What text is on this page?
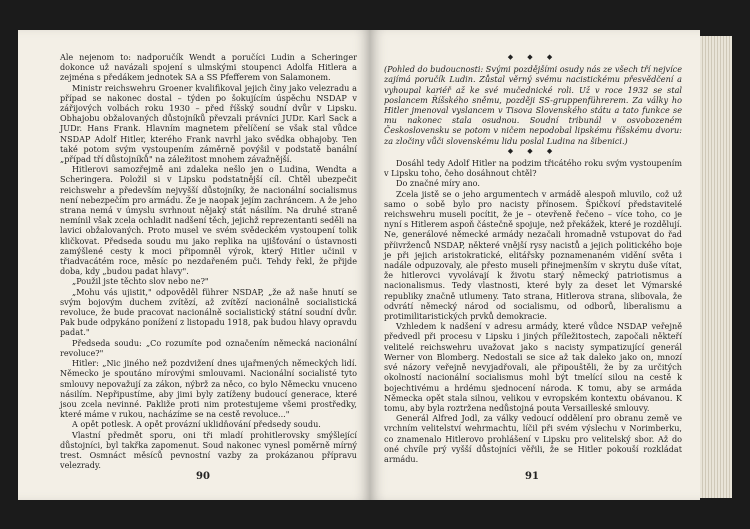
Ale nejenom to: nadporučík Wendt a poručíci Ludin a Scheringer dokonce už navázali spojení s ulmskými stoupenci Adolfa Hitlera a zejména s předákem jednotek SA a SS Pfefferem von Salamonem.

Ministr reichswehru Groener kvalifikoval jejich činy jako velezradu a případ se nakonec dostal – týden po šokujícím úspěchu NSDAP v zářijových volbách roku 1930 – před říšský soudní dvůr v Lipsku. Obhajobu obžalovaných důstojníků převzali právníci JUDr. Karl Sack a JUDr. Hans Frank. Hlavním magnetem přelíčení se však stal vůdce NSDAP Adolf Hitler, kterého Frank navrhl jako svědka obhajoby. Ten také potom svým vystoupením záměrně povýšil v podstatě banální „případ tří důstojníků" na záležitost mnohem závažnější.

Hitlerovi samozřejmě ani zdaleka nešlo jen o Ludina, Wendta a Scheringera. Položil si v Lipsku podstatnější cíl. Chtěl ubezpečit reichswehr a především nejvyšší důstojníky, že nacionální socialismus není nebezpečím pro armádu. Že je naopak jejím zachráncem. A že jeho strana nemá v úmyslu svrhnout nějaký stát násilím. Na druhé straně nemínil však zcela ochladit nadšení těch, jejichž reprezentanti seděli na lavici obžalovaných. Proto musel ve svém svědeckém vystoupení tolik kličkovat. Předseda soudu mu jako replika na ujišťování o ústavnosti zamýšlené cesty k moci připomněl výrok, který Hitler učinil v třiadvacátém roce, měsíc po nezdařeném puči. Tehdy řekl, že přijde doba, kdy „budou padat hlavy".

„Použil jste těchto slov nebo ne?"

„Mohu vás ujistit," odpověděl führer NSDAP, „že až naše hnutí se svým bojovým duchem zvítězí, až zvítězí nacionálně socialistická revoluce, že bude pracovat nacionálně socialistický státní soudní dvůr. Pak bude odpykáno ponížení z listopadu 1918, pak budou hlavy opravdu padat."

Předseda soudu: „Co rozumíte pod označením německá nacionální revoluce?"

Hitler: „Nic jiného než pozdvižení dnes ujařmených německých lidí. Německo je spoutáno mírovými smlouvami. Nacionální socialisté tyto smlouvy nepovažují za zákon, nýbrž za něco, co bylo Německu vnuceno násilím. Nepřipustíme, aby jimi byly zatíženy budoucí generace, které jsou zcela nevinné. Pakliže proti nim protestujeme všemi prostředky, které máme v rukou, nacházíme se na cestě revoluce..."

A opět potlesk. A opět provázní uklidňování předsedy soudu.

Vlastní předmět sporu, oni tři mladí prohitlerovsky smýšlející důstojníci, byl takřka zapomenut. Soud nakonec vynesl poměrně mírný trest. Osmnáct měsíců pevnostní vazby za prokázanou přípravu velezrady.

90
◆ ◆ ◆

(Pohled do budoucnosti: Svými pozdějšími osudy nás ze všech tří nejvíce zajímá poručík Ludin. Zůstal věrný svému nacistickému přesvědčení a vyhoupal kariéř až ke své mučednické roli. Už v roce 1932 se stal poslancem Říšského sněmu, později SS-gruppenführerem. Za války ho Hitler jmenoval vyslancem v Tisova Slovenského státu a tato funkce se mu nakonec stala osudnou. Soudní tribunál v osvobozeném Československu se potom v ničem nepodobal lipskému říšskému dvoru: za zločiny vůči slovenskému lidu poslal Ludina na šibenici.)

◆ ◆ ◆

Dosáhl tedy Adolf Hitler na podzim třicátého roku svým vystoupením v Lipsku toho, čeho dosáhnout chtěl?

Do značné míry ano.

Zcela jistě se o jeho argumentech v armádě alespoň mluvilo, což už samo o sobě bylo pro nacisty přínosem. Špičkoví představitelé reichswehru museli pocítit, že je – otevřeně řečeno – více toho, co je nyní s Hitlerem aspoň částečně spojuje, než překážek, které je rozdělují. Ne, generálové německé armády nezačali hromadně vstupovat do řad příivrženců NSDAP, některé vnější rysy nacistů a jejich politického boje je při jejich aristokratické, elitářsky poznamenaném vidění světa i nadále odpuzovaly, ale přesto museli přinejmenším v skrytu duše vítat, že hitlerovci vyvolávají k životu starý německý patriotismus a nacionalismus. Tedy vlastnosti, které byly za deset let Výmarské republiky značně utlumeny. Tato strana, Hitlerova strana, slibovala, že odvrátí německý národ od socialismu, od odborů, liberalismu a protimilitaristických prvků demokracie.

Vzhledem k nadšení v adresu armády, které vůdce NSDAP veřejně předvedl při procesu v Lipsku i jiných příležitostech, započali někteří velitelé reichswehru uvažovat jako s nacisty sympatizující generál Werner von Blomberg. Nedostali se sice až tak daleko jako on, mnozí své názory veřejně nevyjadřovali, ale připouštěli, že by za určitých okolností nacionální socialismus mohl být tmelící silou na cestě k bojechtivému a hrdému sjednocení národa. K tomu, aby se armáda Německa opět stala silnou, velikou v evropském kontextu obávanou. K tomu, aby byla roztržena nedůstojná pouta Versailleské smlouvy.

Generál Alfred Jodl, za války vedoucí oddělení pro obranu země ve vrchním velitelství wehrmachtu, líčil při svém výslechu v Norimberku, co znamenalo Hitlerovo prohlášení v Lipsku pro velitelský sbor. Až do oné chvíle prý vyšší důstojníci věřili, že se Hitler pokouší rozkládat armádu.

91
